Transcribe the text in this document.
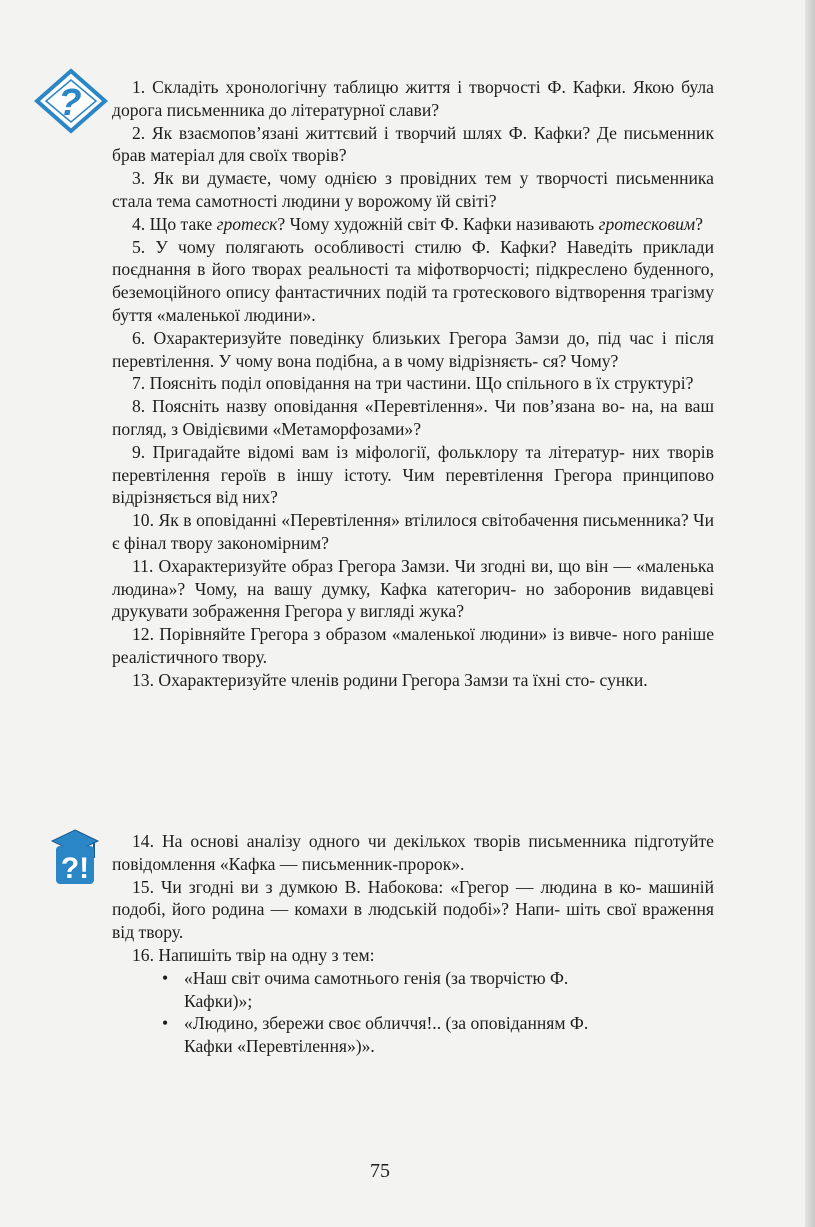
?
?!

1. Складіть хронологічну таблицю життя і творчості Ф. Кафки. Якою була дорога письменника до літературної слави?

2. Як взаємопов’язані життєвий і творчий шлях Ф. Кафки? Де письменник брав матеріал для своїх творів?

3. Як ви думаєте, чому однією з провідних тем у творчості письменника стала тема самотності людини у ворожому їй світі?

4. Що таке гротеск? Чому художній світ Ф. Кафки називають гротесковим?

5. У чому полягають особливості стилю Ф. Кафки? Наведіть приклади поєднання в його творах реальності та міфотворчості; підкреслено буденного, беземоційного опису фантастичних подій та гротескового відтворення трагізму буття «маленької людини».

6. Охарактеризуйте поведінку близьких Грегора Замзи до, під час і після перевтілення. У чому вона подібна, а в чому відрізняєть- ся? Чому?

7. Поясніть поділ оповідання на три частини. Що спільного в їх структурі?

8. Поясніть назву оповідання «Перевтілення». Чи пов’язана во- на, на ваш погляд, з Овідієвими «Метаморфозами»?

9. Пригадайте відомі вам із міфології, фольклору та літератур- них творів перевтілення героїв в іншу істоту. Чим перевтілення Грегора принципово відрізняється від них?

10. Як в оповіданні «Перевтілення» втілилося світобачення письменника? Чи є фінал твору закономірним?

11. Охарактеризуйте образ Грегора Замзи. Чи згодні ви, що він — «маленька людина»? Чому, на вашу думку, Кафка категорич- но заборонив видавцеві друкувати зображення Грегора у вигляді жука?

12. Порівняйте Грегора з образом «маленької людини» із вивче- ного раніше реалістичного твору.

13. Охарактеризуйте членів родини Грегора Замзи та їхні сто- сунки.

14. На основі аналізу одного чи декількох творів письменника підготуйте повідомлення «Кафка — письменник-пророк».

15. Чи згодні ви з думкою В. Набокова: «Грегор — людина в ко- машиній подобі, його родина — комахи в людській подобі»? Напи- шіть свої враження від твору.

16. Напишіть твір на одну з тем:

• «Наш світ очима самотнього генія (за творчістю Ф. Кафки)»;
• «Людино, збережи своє обличчя!.. (за оповіданням Ф. Кафки «Перевтілення»)».
75
